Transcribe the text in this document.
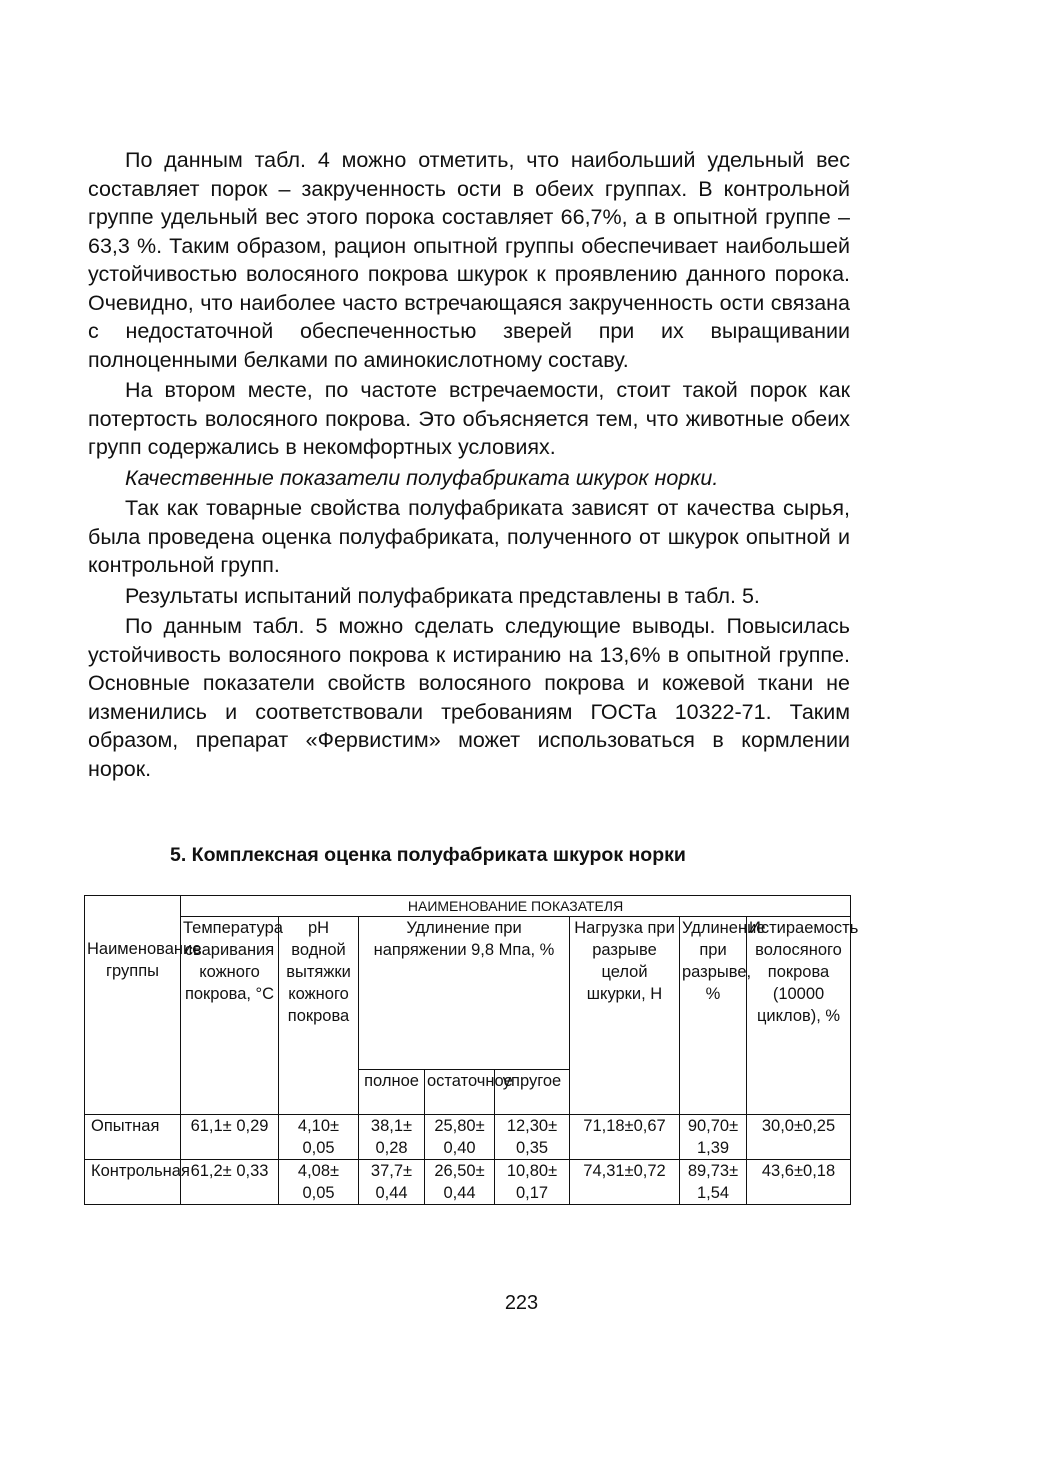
По данным табл. 4 можно отметить, что наибольший удельный вес составляет порок – закрученность ости в обеих группах. В контрольной группе удельный вес этого порока составляет 66,7%, а в опытной группе – 63,3 %. Таким образом, рацион опытной группы обеспечивает наибольшей устойчивостью волосяного покрова шкурок к проявлению данного порока. Очевидно, что наиболее часто встречающаяся закрученность ости связана с недостаточной обеспеченностью зверей при их выращивании полноценными белками по аминокислотному составу.

На втором месте, по частоте встречаемости, стоит такой порок как потертость волосяного покрова. Это объясняется тем, что животные обеих групп содержались в некомфортных условиях.

Качественные показатели полуфабриката шкурок норки.

Так как товарные свойства полуфабриката зависят от качества сырья, была проведена оценка полуфабриката, полученного от шкурок опытной и контрольной групп.

Результаты испытаний полуфабриката представлены в табл. 5.

По данным табл. 5 можно сделать следующие выводы. Повысилась устойчивость волосяного покрова к истиранию на 13,6% в опытной группе. Основные показатели свойств волосяного покрова и кожевой ткани не изменились и соответствовали требованиям ГОСТа 10322-71. Таким образом, препарат «Фервистим» может использоваться в кормлении норок.

5. Комплексная оценка полуфабриката шкурок норки
Наименование группы	НАИМЕНОВАНИЕ ПОКАЗАТЕЛЯ							
	Температура сваривания кожного покрова, °С	pH водной вытяжки кожного покрова	Удлинение при напряжении 9,8 Мпа, %			Нагрузка при разрыве целой шкурки, Н	Удлинение при разрыве, %	Истираемость волосяного покрова (10000 циклов), %
			полное	остаточное	упругое			
Опытная	61,1± 0,29	4,10± 0,05	38,1± 0,28	25,80± 0,40	12,30± 0,35	71,18±0,67	90,70± 1,39	30,0±0,25
Контрольная	61,2± 0,33	4,08± 0,05	37,7± 0,44	26,50± 0,44	10,80± 0,17	74,31±0,72	89,73± 1,54	43,6±0,18
223
